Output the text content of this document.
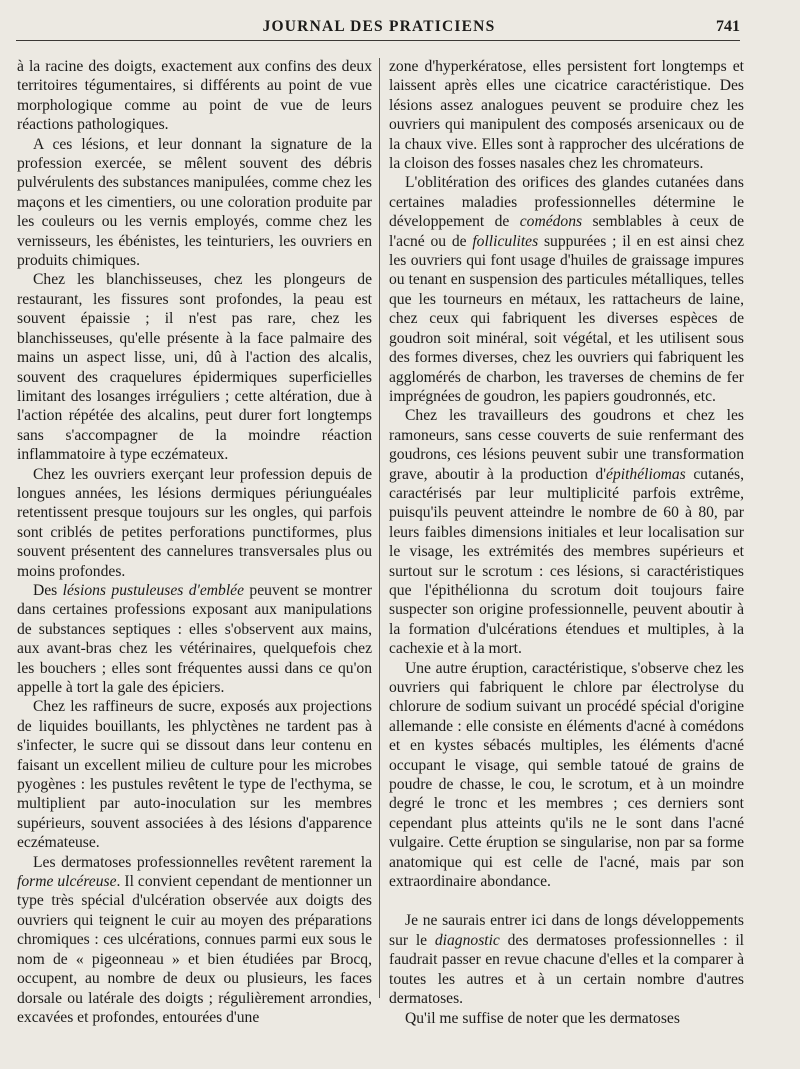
JOURNAL DES PRATICIENS	741

à la racine des doigts, exactement aux confins des deux territoires tégumentaires, si différents au point de vue morphologique comme au point de vue de leurs réactions pathologiques.

A ces lésions, et leur donnant la signature de la profession exercée, se mêlent souvent des débris pulvérulents des substances manipulées, comme chez les maçons et les cimentiers, ou une coloration produite par les couleurs ou les vernis employés, comme chez les vernisseurs, les ébénistes, les teinturiers, les ouvriers en produits chimiques.

Chez les blanchisseuses, chez les plongeurs de restaurant, les fissures sont profondes, la peau est souvent épaissie ; il n'est pas rare, chez les blanchisseuses, qu'elle présente à la face palmaire des mains un aspect lisse, uni, dû à l'action des alcalis, souvent des craquelures épidermiques superficielles limitant des losanges irréguliers ; cette altération, due à l'action répétée des alcalins, peut durer fort longtemps sans s'accompagner de la moindre réaction inflammatoire à type eczémateux.

Chez les ouvriers exerçant leur profession depuis de longues années, les lésions dermiques périunguéales retentissent presque toujours sur les ongles, qui parfois sont criblés de petites perforations punctiformes, plus souvent présentent des cannelures transversales plus ou moins profondes.

Des lésions pustuleuses d'emblée peuvent se montrer dans certaines professions exposant aux manipulations de substances septiques : elles s'observent aux mains, aux avant-bras chez les vétérinaires, quelquefois chez les bouchers ; elles sont fréquentes aussi dans ce qu'on appelle à tort la gale des épiciers.

Chez les raffineurs de sucre, exposés aux projections de liquides bouillants, les phlyctènes ne tardent pas à s'infecter, le sucre qui se dissout dans leur contenu en faisant un excellent milieu de culture pour les microbes pyogènes : les pustules revêtent le type de l'ecthyma, se multiplient par auto-inoculation sur les membres supérieurs, souvent associées à des lésions d'apparence eczémateuse.

Les dermatoses professionnelles revêtent rarement la forme ulcéreuse. Il convient cependant de mentionner un type très spécial d'ulcération observée aux doigts des ouvriers qui teignent le cuir au moyen des préparations chromiques : ces ulcérations, connues parmi eux sous le nom de « pigeonneau » et bien étudiées par Brocq, occupent, au nombre de deux ou plusieurs, les faces dorsale ou latérale des doigts ; régulièrement arrondies, excavées et profondes, entourées d'une

zone d'hyperkératose, elles persistent fort longtemps et laissent après elles une cicatrice caractéristique. Des lésions assez analogues peuvent se produire chez les ouvriers qui manipulent des composés arsenicaux ou de la chaux vive. Elles sont à rapprocher des ulcérations de la cloison des fosses nasales chez les chromateurs.

L'oblitération des orifices des glandes cutanées dans certaines maladies professionnelles détermine le développement de comédons semblables à ceux de l'acné ou de folliculites suppurées ; il en est ainsi chez les ouvriers qui font usage d'huiles de graissage impures ou tenant en suspension des particules métalliques, telles que les tourneurs en métaux, les rattacheurs de laine, chez ceux qui fabriquent les diverses espèces de goudron soit minéral, soit végétal, et les utilisent sous des formes diverses, chez les ouvriers qui fabriquent les agglomérés de charbon, les traverses de chemins de fer imprégnées de goudron, les papiers goudronnés, etc.

Chez les travailleurs des goudrons et chez les ramoneurs, sans cesse couverts de suie renfermant des goudrons, ces lésions peuvent subir une transformation grave, aboutir à la production d'épithéliomas cutanés, caractérisés par leur multiplicité parfois extrême, puisqu'ils peuvent atteindre le nombre de 60 à 80, par leurs faibles dimensions initiales et leur localisation sur le visage, les extrémités des membres supérieurs et surtout sur le scrotum : ces lésions, si caractéristiques que l'épithélionna du scrotum doit toujours faire suspecter son origine professionnelle, peuvent aboutir à la formation d'ulcérations étendues et multiples, à la cachexie et à la mort.

Une autre éruption, caractéristique, s'observe chez les ouvriers qui fabriquent le chlore par électrolyse du chlorure de sodium suivant un procédé spécial d'origine allemande : elle consiste en éléments d'acné à comédons et en kystes sébacés multiples, les éléments d'acné occupant le visage, qui semble tatoué de grains de poudre de chasse, le cou, le scrotum, et à un moindre degré le tronc et les membres ; ces derniers sont cependant plus atteints qu'ils ne le sont dans l'acné vulgaire. Cette éruption se singularise, non par sa forme anatomique qui est celle de l'acné, mais par son extraordinaire abondance.

Je ne saurais entrer ici dans de longs développements sur le diagnostic des dermatoses professionnelles : il faudrait passer en revue chacune d'elles et la comparer à toutes les autres et à un certain nombre d'autres dermatoses.

Qu'il me suffise de noter que les dermatoses
